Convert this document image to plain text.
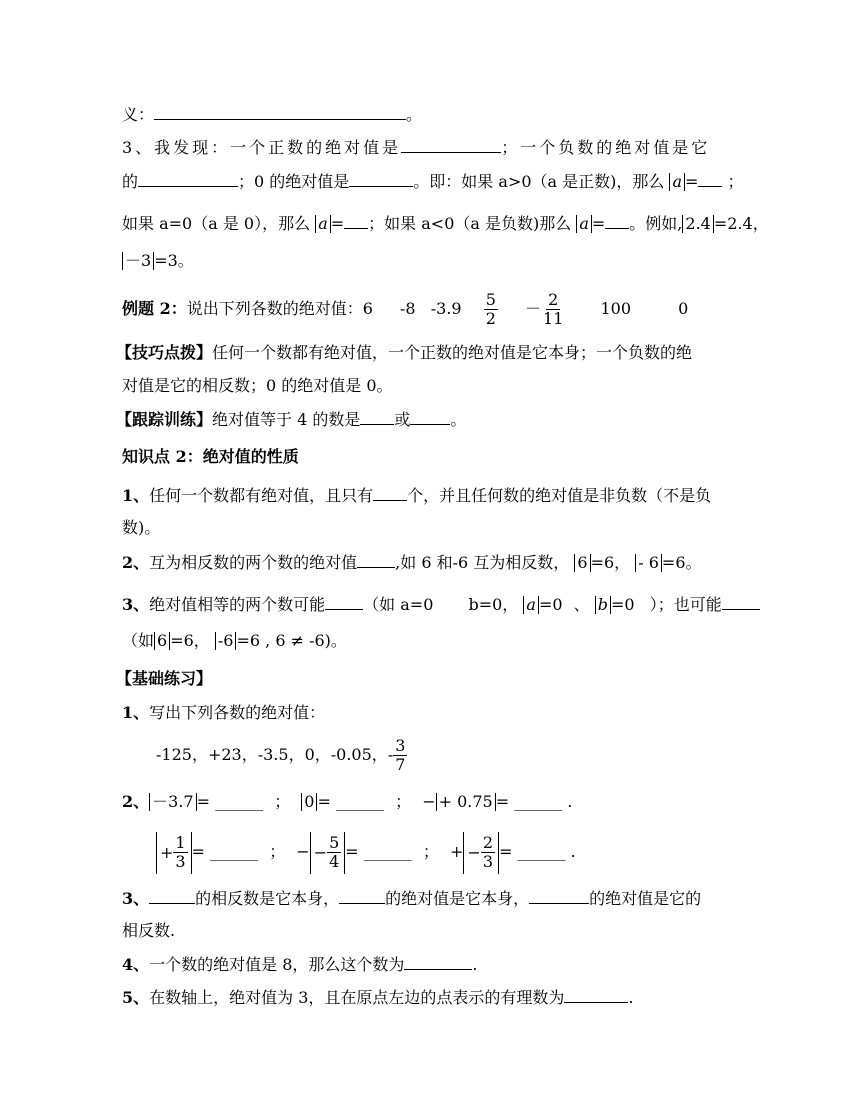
义：	。
3、我发现：一个正数的绝对值是	；一个负数的绝对值是它
的	；0 的绝对值是	。即：如果 a>0（a 是正数)，那么 a = ；
如果 a=0（a 是 0），那么 a = ；如果 a<0（a 是负数)那么 a = 。例如, 2.4 =2.4，
－3 =3。
例题 2：说出下列各数的绝对值：6 -8 $-3.9 \frac{5}{2} - \frac{2}{11} 100$	0
【技巧点拨】任何一个数都有绝对值，一个正数的绝对值是它本身；一个负数的绝
对值是它的相反数；0 的绝对值是 0。
【跟踪训练】绝对值等于 4 的数是 或	。
知识点 2：绝对值的性质
1、任何一个数都有绝对值，且只有 个，并且任何数的绝对值是非负数（不是负
数)。
2、互为相反数的两个数的绝对值 ,如 6 和-6 互为相反数， 6 =6， - 6 =6。
3、绝对值相等的两个数可能 （如 a=0 b=0， a =0 、 b =0 ）；也可能
（如 6 =6， -6 =6 , 6 ≠ -6)。
【基础练习】
1、写出下列各数的绝对值：
-125，+23，-3.5，0，-0.05，- $\frac{3}{7}$
2、 －3.7 = ______ ； 0 = ______ ； − + 0.75 = ______ .
+ $\frac{1}{3}$ = ______ ； − − $\frac{5}{4}$ = ______ ； + − $\frac{2}{3}$ = ______ .
3、	的相反数是它本身，	的绝对值是它本身，	的绝对值是它的
相反数.
4、一个数的绝对值是 8，那么这个数为	.
5、在数轴上，绝对值为 3，且在原点左边的点表示的有理数为	.
